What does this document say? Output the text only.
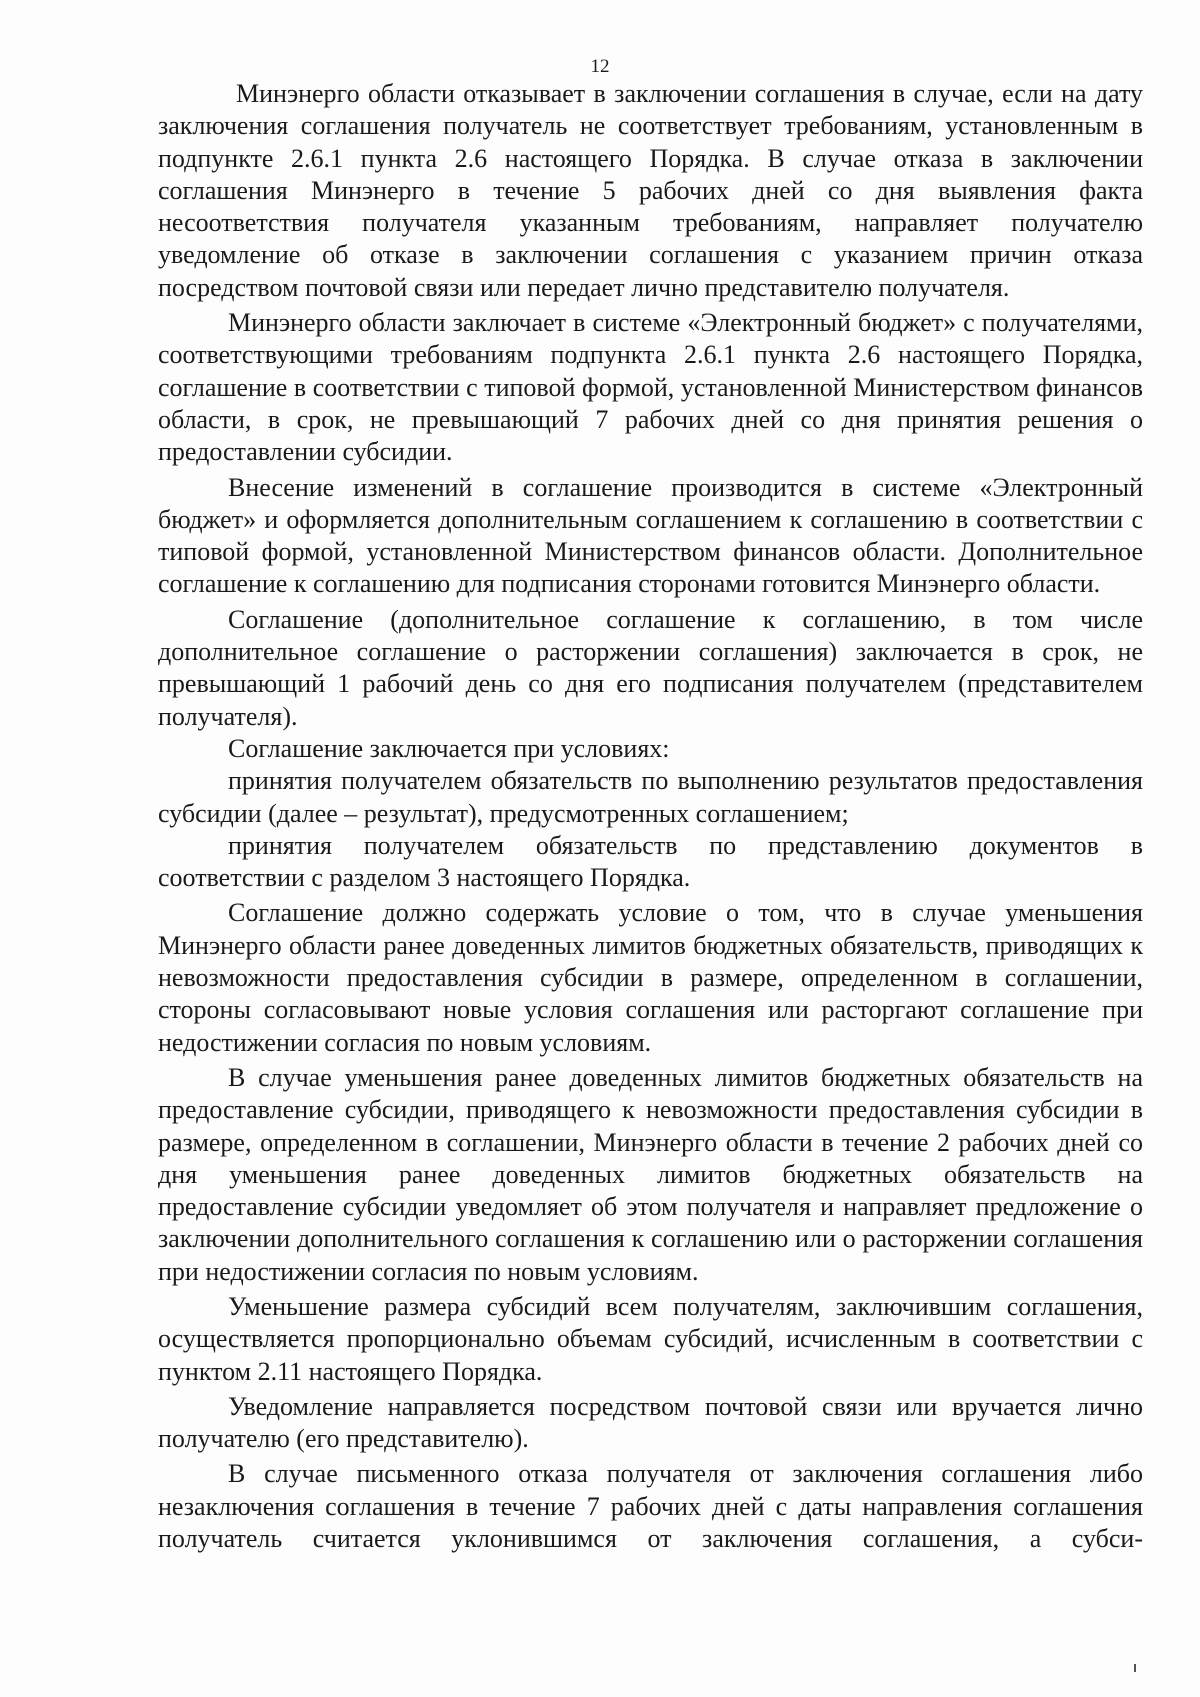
12

Минэнерго области отказывает в заключении соглашения в случае, если на дату заключения соглашения получатель не соответствует требованиям, установленным в подпункте 2.6.1 пункта 2.6 настоящего Порядка. В случае отказа в заключении соглашения Минэнерго в течение 5 рабочих дней со дня выявления факта несоответствия получателя указанным требованиям, направляет получателю уведомление об отказе в заключении соглашения с указанием причин отказа посредством почтовой связи или передает лично представителю получателя.

Минэнерго области заключает в системе «Электронный бюджет» с получателями, соответствующими требованиям подпункта 2.6.1 пункта 2.6 настоящего Порядка, соглашение в соответствии с типовой формой, установленной Министерством финансов области, в срок, не превышающий 7 рабочих дней со дня принятия решения о предоставлении субсидии.

Внесение изменений в соглашение производится в системе «Электронный бюджет» и оформляется дополнительным соглашением к соглашению в соответствии с типовой формой, установленной Министерством финансов области. Дополнительное соглашение к соглашению для подписания сторонами готовится Минэнерго области.

Соглашение (дополнительное соглашение к соглашению, в том числе дополнительное соглашение о расторжении соглашения) заключается в срок, не превышающий 1 рабочий день со дня его подписания получателем (представителем получателя).

Соглашение заключается при условиях:

принятия получателем обязательств по выполнению результатов предоставления субсидии (далее – результат), предусмотренных соглашением;

принятия получателем обязательств по представлению документов в соответствии с разделом 3 настоящего Порядка.

Соглашение должно содержать условие о том, что в случае уменьшения Минэнерго области ранее доведенных лимитов бюджетных обязательств, приводящих к невозможности предоставления субсидии в размере, определенном в соглашении, стороны согласовывают новые условия соглашения или расторгают соглашение при недостижении согласия по новым условиям.

В случае уменьшения ранее доведенных лимитов бюджетных обязательств на предоставление субсидии, приводящего к невозможности предоставления субсидии в размере, определенном в соглашении, Минэнерго области в течение 2 рабочих дней со дня уменьшения ранее доведенных лимитов бюджетных обязательств на предоставление субсидии уведомляет об этом получателя и направляет предложение о заключении дополнительного соглашения к соглашению или о расторжении соглашения при недостижении согласия по новым условиям.

Уменьшение размера субсидий всем получателям, заключившим соглашения, осуществляется пропорционально объемам субсидий, исчисленным в соответствии с пунктом 2.11 настоящего Порядка.

Уведомление направляется посредством почтовой связи или вручается лично получателю (его представителю).

В случае письменного отказа получателя от заключения соглашения либо незаключения соглашения в течение 7 рабочих дней с даты направления соглашения получатель считается уклонившимся от заключения соглашения, а субси-
